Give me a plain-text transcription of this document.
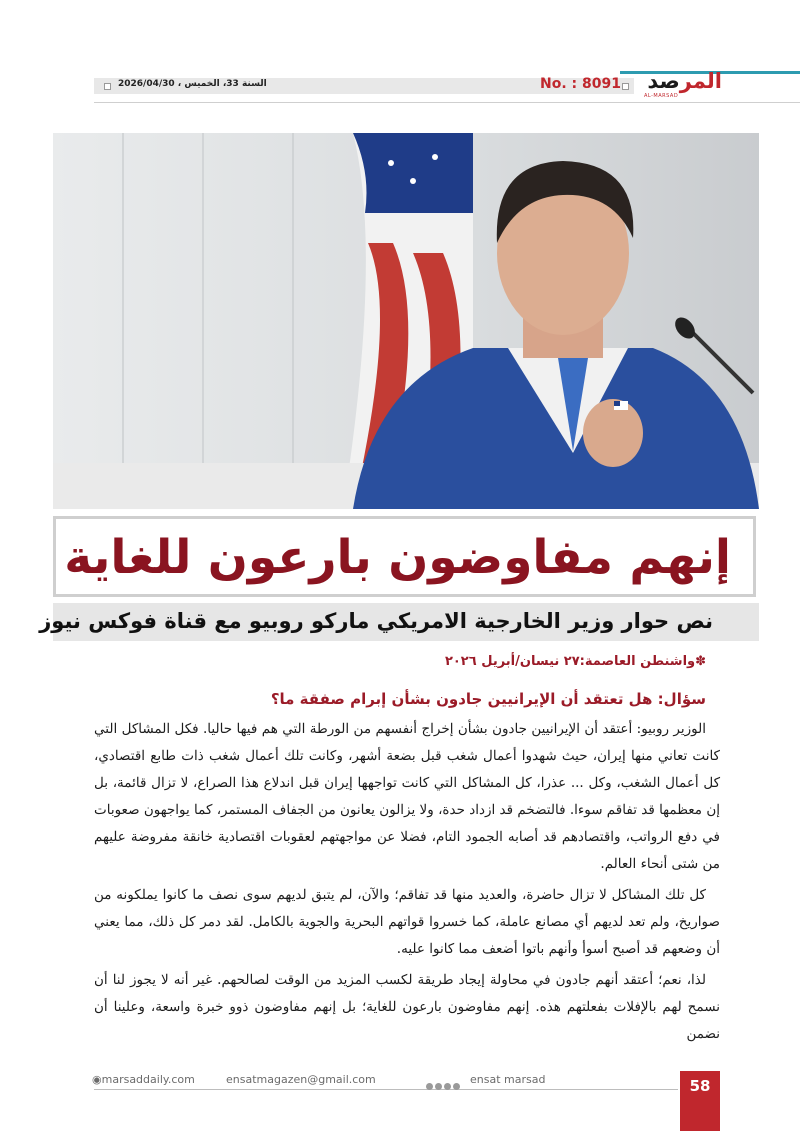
السنة 33، الخميس ، 2026/04/30	No. : 8091	المرصد
AL-MARSAD
إنهم مفاوضون بارعون للغاية
نص حوار وزير الخارجية الامريكي ماركو روبيو مع قناة فوكس نيوز
✽واشنطن العاصمة:٢٧ نيسان/أبريل ٢٠٢٦
سؤال: هل تعتقد أن الإيرانيين جادون بشأن إبرام صفقة ما؟

الوزير روبيو: أعتقد أن الإيرانيين جادون بشأن إخراج أنفسهم من الورطة التي هم فيها حاليا. فكل المشاكل التي كانت تعاني منها إيران، حيث شهدوا أعمال شغب قبل بضعة أشهر، وكانت تلك أعمال شغب ذات طابع اقتصادي، كل أعمال الشغب، وكل ... عذرا، كل المشاكل التي كانت تواجهها إيران قبل اندلاع هذا الصراع، لا تزال قائمة، بل إن معظمها قد تفاقم سوءا. فالتضخم قد ازداد حدة، ولا يزالون يعانون من الجفاف المستمر، كما يواجهون صعوبات في دفع الرواتب، واقتصادهم قد أصابه الجمود التام، فضلا عن مواجهتهم لعقوبات اقتصادية خانقة مفروضة عليهم من شتى أنحاء العالم.

كل تلك المشاكل لا تزال حاضرة، والعديد منها قد تفاقم؛ والآن، لم يتبق لديهم سوى نصف ما كانوا يملكونه من صواريخ، ولم تعد لديهم أي مصانع عاملة، كما خسروا قواتهم البحرية والجوية بالكامل. لقد دمر كل ذلك، مما يعني أن وضعهم قد أصبح أسوأ وأنهم باتوا أضعف مما كانوا عليه.

لذا، نعم؛ أعتقد أنهم جادون في محاولة إيجاد طريقة لكسب المزيد من الوقت لصالحهم. غير أنه لا يجوز لنا أن نسمح لهم بالإفلات بفعلتهم هذه. إنهم مفاوضون بارعون للغاية؛ بل إنهم مفاوضون ذوو خبرة واسعة، وعلينا أن نضمن

◉marsaddaily.com	ensatmagazen@gmail.com	ensat marsad	58
